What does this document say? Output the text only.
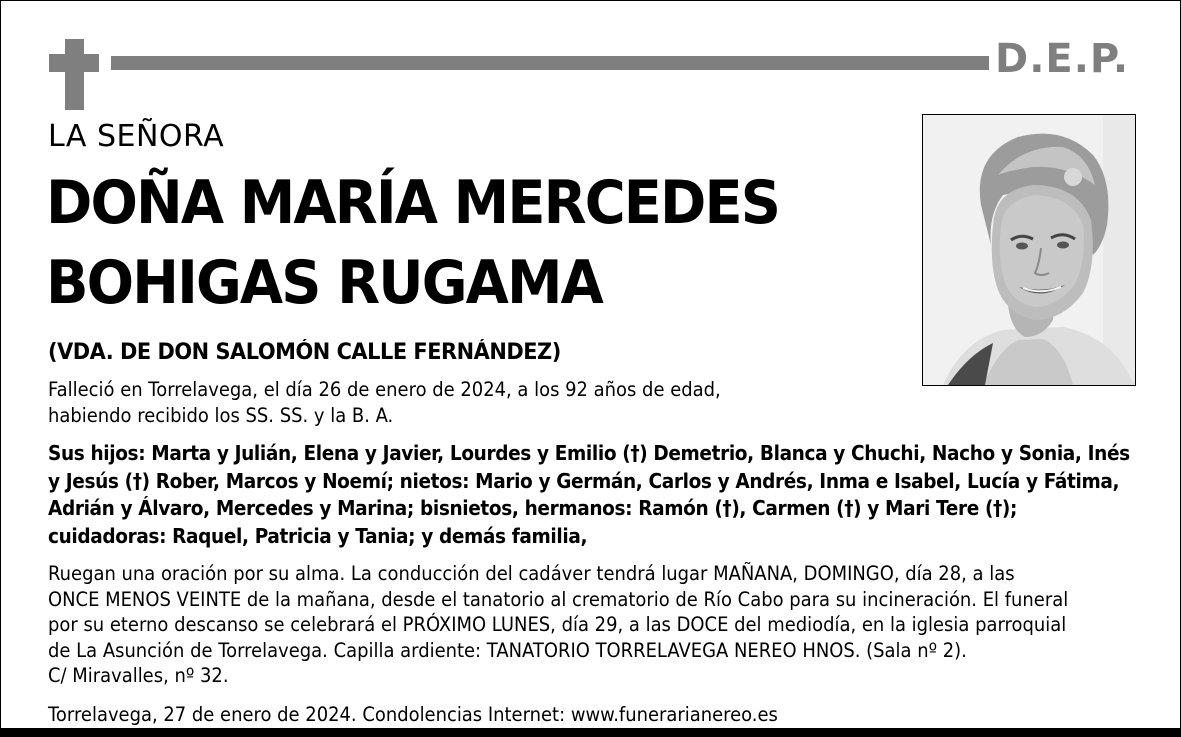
D.E.P.
LA SEÑORA
DOÑA MARÍA MERCEDES
BOHIGAS RUGAMA
(VDA. DE DON SALOMÓN CALLE FERNÁNDEZ)
Falleció en Torrelavega, el día 26 de enero de 2024, a los 92 años de edad,
habiendo recibido los SS. SS. y la B. A.
Sus hijos: Marta y Julián, Elena y Javier, Lourdes y Emilio (†) Demetrio, Blanca y Chuchi, Nacho y Sonia, Inés
y Jesús (†) Rober, Marcos y Noemí; nietos: Mario y Germán, Carlos y Andrés, Inma e Isabel, Lucía y Fátima,
Adrián y Álvaro, Mercedes y Marina; bisnietos, hermanos: Ramón (†), Carmen (†) y Mari Tere (†);
cuidadoras: Raquel, Patricia y Tania; y demás familia,
Ruegan una oración por su alma. La conducción del cadáver tendrá lugar MAÑANA, DOMINGO, día 28, a las
ONCE MENOS VEINTE de la mañana, desde el tanatorio al crematorio de Río Cabo para su incineración. El funeral
por su eterno descanso se celebrará el PRÓXIMO LUNES, día 29, a las DOCE del mediodía, en la iglesia parroquial
de La Asunción de Torrelavega. Capilla ardiente: TANATORIO TORRELAVEGA NEREO HNOS. (Sala nº 2).
C/ Miravalles, nº 32.
Torrelavega, 27 de enero de 2024. Condolencias Internet: www.funerarianereo.es
